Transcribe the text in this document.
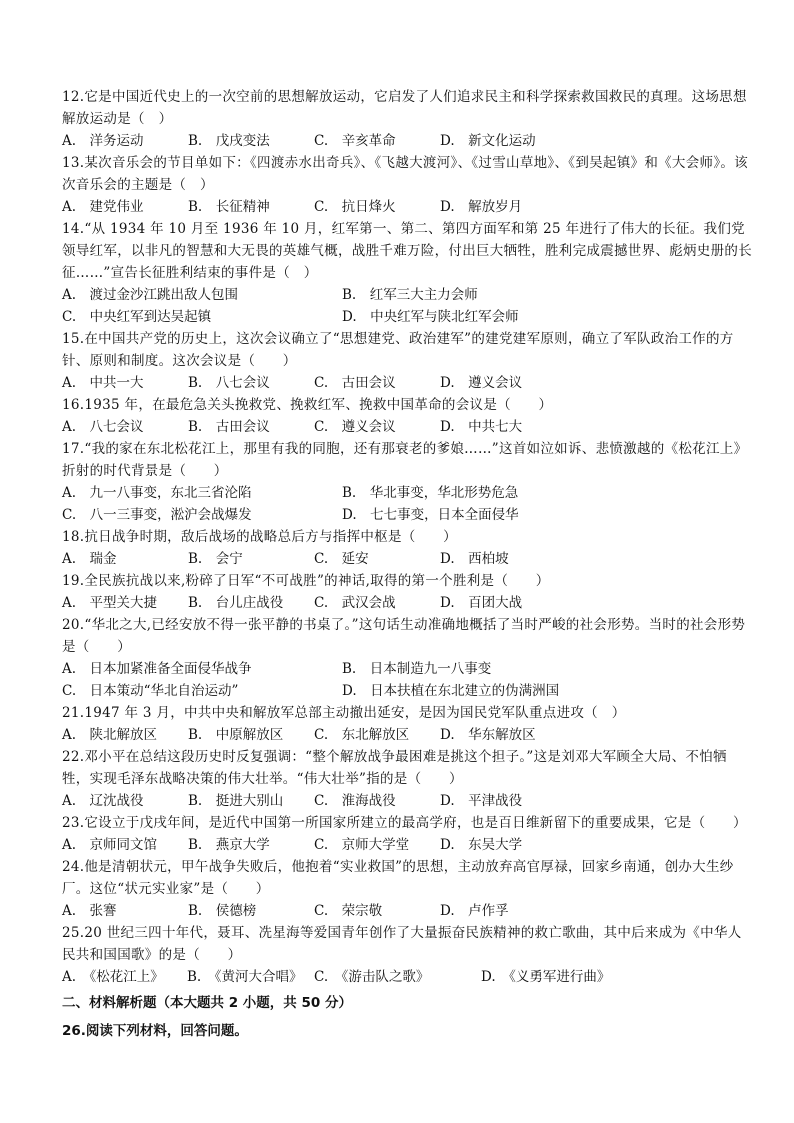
12.它是中国近代史上的一次空前的思想解放运动，它启发了人们追求民主和科学探索救国救民的真理。这场思想解放运动是（　）

A.　洋务运动	B.　戊戌变法	C.　辛亥革命	D.　新文化运动

13.某次音乐会的节目单如下：《四渡赤水出奇兵》、《飞越大渡河》、《过雪山草地》、《到吴起镇》和《大会师》。该次音乐会的主题是（　）

A.　建党伟业	B.　长征精神	C.　抗日烽火	D.　解放岁月

14.“从 1934 年 10 月至 1936 年 10 月，红军第一、第二、第四方面军和第 25 年进行了伟大的长征。我们党领导红军，以非凡的智慧和大无畏的英雄气概，战胜千难万险，付出巨大牺牲，胜利完成震撼世界、彪炳史册的长征……”宣告长征胜利结束的事件是（　）

A.　渡过金沙江跳出敌人包围	B.　红军三大主力会师
C.　中央红军到达吴起镇	D.　中央红军与陕北红军会师

15.在中国共产党的历史上，这次会议确立了“思想建党、政治建军”的建党建军原则，确立了军队政治工作的方针、原则和制度。这次会议是（　　）

A.　中共一大	B.　八七会议	C.　古田会议	D.　遵义会议

16.1935 年，在最危急关头挽救党、挽救红军、挽救中国革命的会议是（　　）

A.　八七会议	B.　古田会议	C.　遵义会议	D.　中共七大

17.“我的家在东北松花江上，那里有我的同胞，还有那衰老的爹娘……”这首如泣如诉、悲愤激越的《松花江上》折射的时代背景是（　　）

A.　九一八事变，东北三省沦陷	B.　华北事变，华北形势危急
C.　八一三事变，淞沪会战爆发	D.　七七事变，日本全面侵华

18.抗日战争时期，敌后战场的战略总后方与指挥中枢是（　　）

A.　瑞金	B.　会宁	C.　延安	D.　西柏坡

19.全民族抗战以来,粉碎了日军“不可战胜”的神话,取得的第一个胜利是（　　）

A.　平型关大捷	B.　台儿庄战役	C.　武汉会战	D.　百团大战

20.“华北之大,已经安放不得一张平静的书桌了。”这句话生动准确地概括了当时严峻的社会形势。当时的社会形势是（　　）

A.　日本加紧准备全面侵华战争	B.　日本制造九一八事变
C.　日本策动“华北自治运动”	D.　日本扶植在东北建立的伪满洲国

21.1947 年 3 月，中共中央和解放军总部主动撤出延安，是因为国民党军队重点进攻（　）

A.　陕北解放区	B.　中原解放区	C.　东北解放区	D.　华东解放区

22.邓小平在总结这段历史时反复强调：“整个解放战争最困难是挑这个担子。”这是刘邓大军顾全大局、不怕牺牲，实现毛泽东战略决策的伟大壮举。“伟大壮举”指的是（　　）

A.　辽沈战役	B.　挺进大别山	C.　淮海战役	D.　平津战役

23.它设立于戊戌年间，是近代中国第一所国家所建立的最高学府，也是百日维新留下的重要成果，它是（　　）

A.　京师同文馆	B.　燕京大学	C.　京师大学堂	D.　东吴大学

24.他是清朝状元，甲午战争失败后，他抱着“实业救国”的思想，主动放弃高官厚禄，回家乡南通，创办大生纱厂。这位“状元实业家”是（　　）

A.　张謇	B.　侯德榜	C.　荣宗敬	D.　卢作孚

25.20 世纪三四十年代，聂耳、冼星海等爱国青年创作了大量振奋民族精神的救亡歌曲，其中后来成为《中华人民共和国国歌》的是（　　）

A.　《松花江上》	B.　《黄河大合唱》 C.　《游击队之歌》	D.　《义勇军进行曲》

二、材料解析题（本大题共 2 小题，共 50 分）

26.阅读下列材料，回答问题。
